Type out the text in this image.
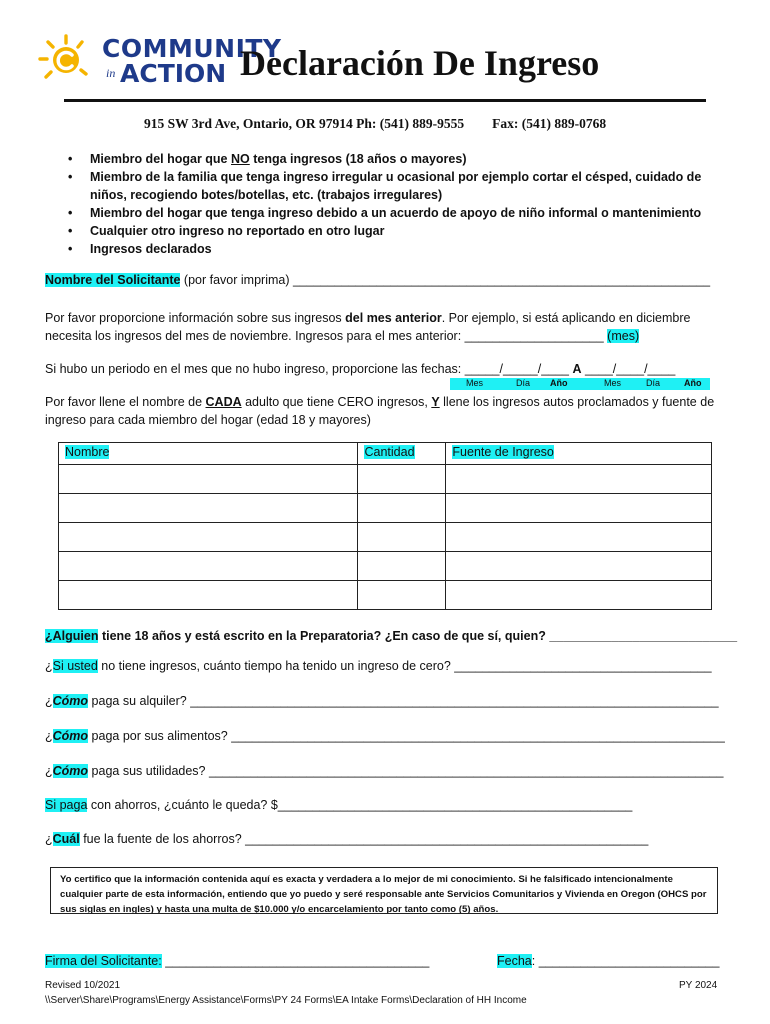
COMMUNITY
in ACTION Declaración De Ingreso
915 SW 3rd Ave, Ontario, OR 97914 Ph: (541) 889-9555 Fax: (541) 889-0768
• Miembro del hogar que NO tenga ingresos (18 años o mayores)
• Miembro de la familia que tenga ingreso irregular u ocasional por ejemplo cortar el césped, cuidado de niños, recogiendo botes/botellas, etc. (trabajos irregulares)
• Miembro del hogar que tenga ingreso debido a un acuerdo de apoyo de niño informal o mantenimiento
• Cualquier otro ingreso no reportado en otro lugar
• Ingresos declarados
Nombre del Solicitante (por favor imprima) ____________________________________________________________
Por favor proporcione información sobre sus ingresos del mes anterior. Por ejemplo, si está aplicando en diciembre
necesita los ingresos del mes de noviembre. Ingresos para el mes anterior: ____________________ (mes)
Si hubo un periodo en el mes que no hubo ingreso, proporcione las fechas: _____/_____/____ A ____/____/____
Mes	Día Año	Mes	Día	Año
Por favor llene el nombre de CADA adulto que tiene CERO ingresos, Y llene los ingresos autos proclamados y fuente de
ingreso para cada miembro del hogar (edad 18 y mayores)
Nombre	Cantidad	Fuente de Ingreso

¿Alguien tiene 18 años y está escrito en la Preparatoria? ¿En caso de que sí, quien? ___________________________
¿Si usted no tiene ingresos, cuánto tiempo ha tenido un ingreso de cero? _____________________________________
¿Cómo paga su alquiler? ____________________________________________________________________________
¿Cómo paga por sus alimentos? _______________________________________________________________________
¿Cómo paga sus utilidades? __________________________________________________________________________
Si paga con ahorros, ¿cuánto le queda? $___________________________________________________
¿Cuál fue la fuente de los ahorros? __________________________________________________________
Yo certifico que la información contenida aquí es exacta y verdadera a lo mejor de mi conocimiento. Si he falsificado intencionalmente cualquier parte de esta información, entiendo que yo puedo y seré responsable ante Servicios Comunitarios y Vivienda en Oregon (OHCS por sus siglas en ingles) y hasta una multa de $10.000 y/o encarcelamiento por tanto como (5) años.
Firma del Solicitante: ______________________________________	Fecha: __________________________
Revised 10/2021
\\Server\Share\Programs\Energy Assistance\Forms\PY 24 Forms\EA Intake Forms\Declaration of HH Income
PY 2024
